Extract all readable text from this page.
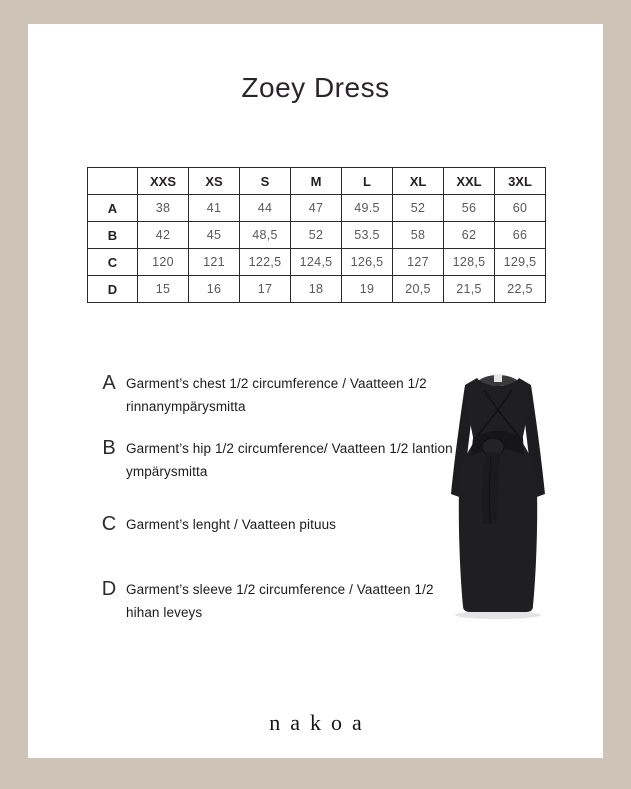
Zoey Dress
	XXS	XS	S	M	L	XL	XXL	3XL
A	38	41	44	47	49.5	52	56	60
B	42	45	48,5	52	53.5	58	62	66
C	120	121	122,5	124,5	126,5	127	128,5	129,5
D	15	16	17	18	19	20,5	21,5	22,5
A Garment’s chest 1/2 circumference / Vaatteen 1/2 rinnanympärysmitta
B Garment’s hip 1/2 circumference/ Vaatteen 1/2 lantion ympärysmitta
C Garment’s lenght / Vaatteen pituus
D Garment’s sleeve 1/2 circumference / Vaatteen 1/2 hihan leveys
nakoa
